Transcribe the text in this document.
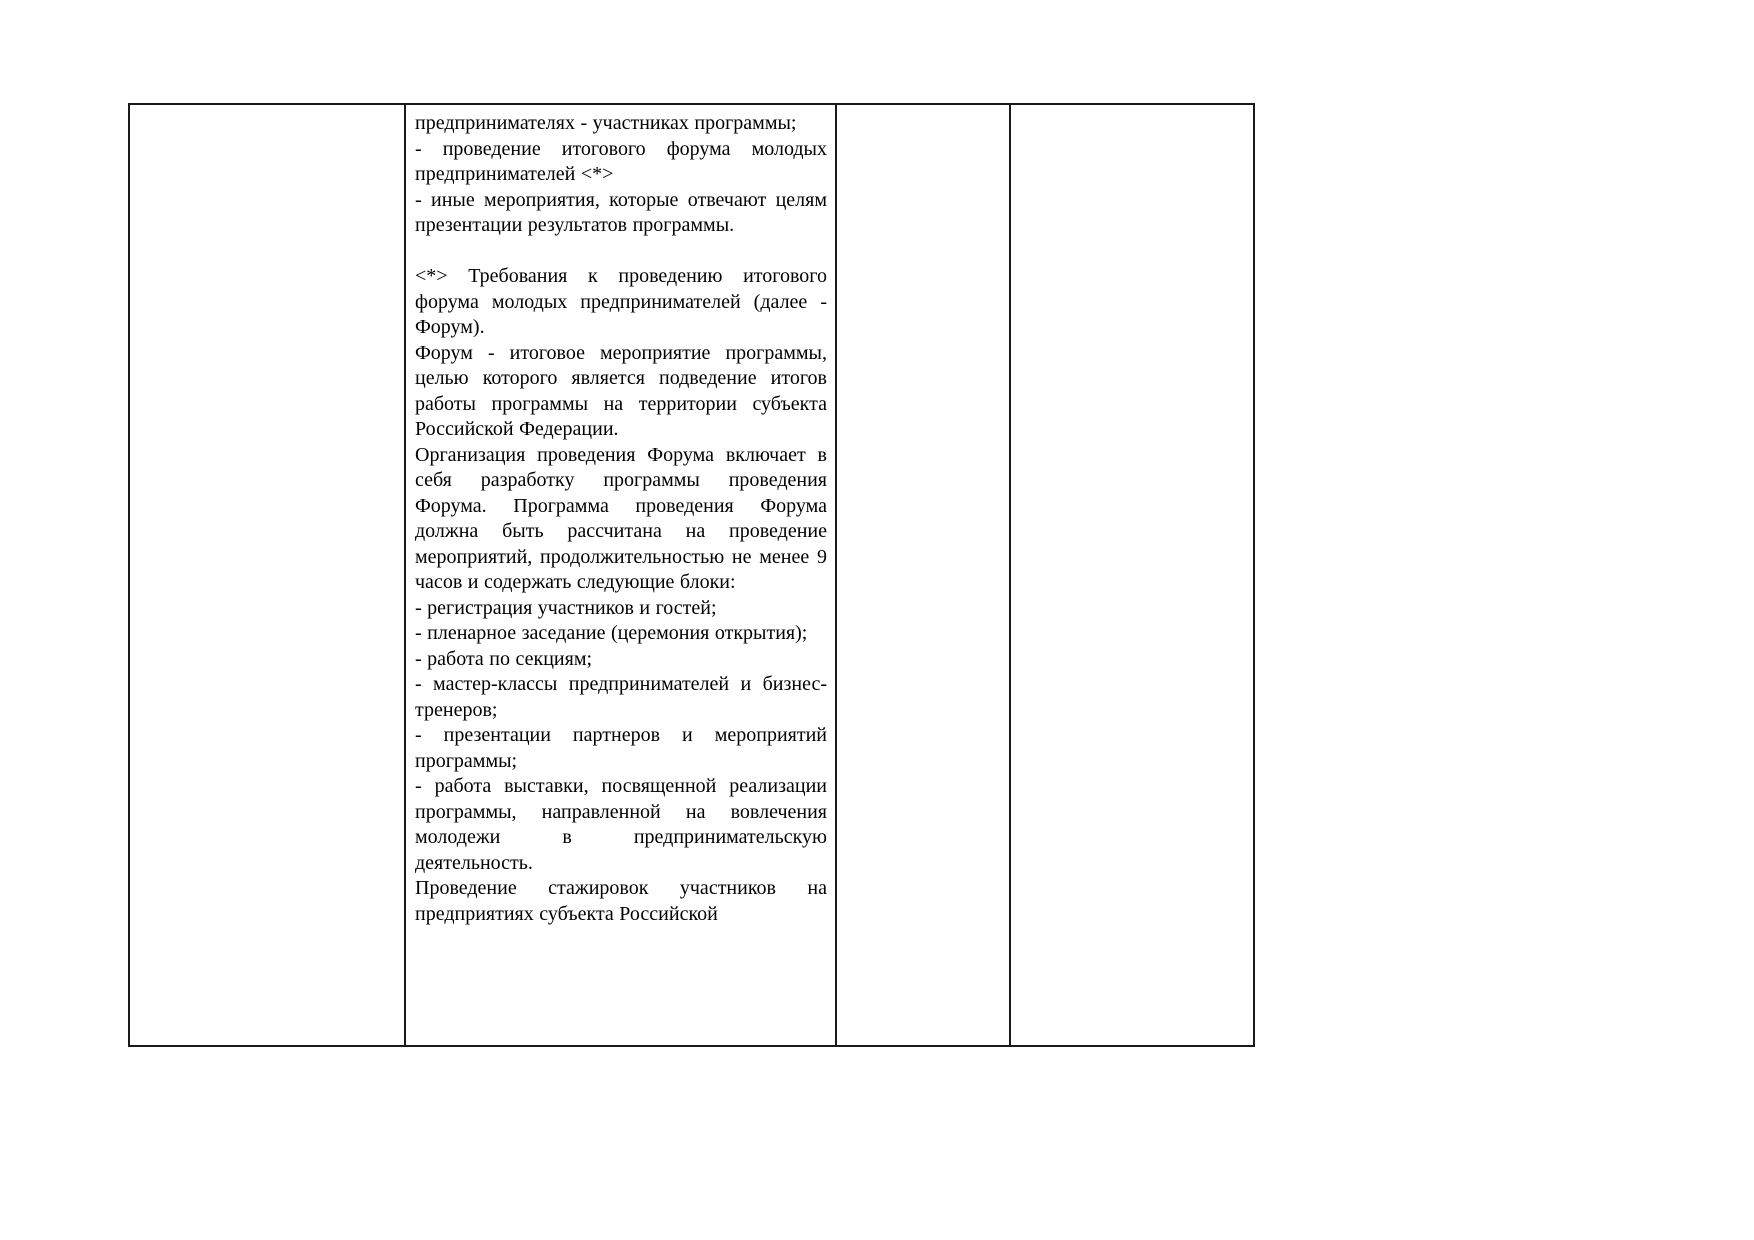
предпринимателях - участниках программы;

- проведение итогового форума молодых предпринимателей <*>

- иные мероприятия, которые отвечают целям презентации результатов программы.

<*> Требования к проведению итогового форума молодых предпринимателей (далее - Форум).

Форум - итоговое мероприятие программы, целью которого является подведение итогов работы программы на территории субъекта Российской Федерации.

Организация проведения Форума включает в себя разработку программы проведения Форума. Программа проведения Форума должна быть рассчитана на проведение мероприятий, продолжительностью не менее 9 часов и содержать следующие блоки:

- регистрация участников и гостей;

- пленарное заседание (церемония открытия);

- работа по секциям;

- мастер-классы предпринимателей и бизнес-тренеров;

- презентации партнеров и мероприятий программы;

- работа выставки, посвященной реализации программы, направленной на вовлечения молодежи в предпринимательскую деятельность.

Проведение стажировок участников на предприятиях субъекта Российской
